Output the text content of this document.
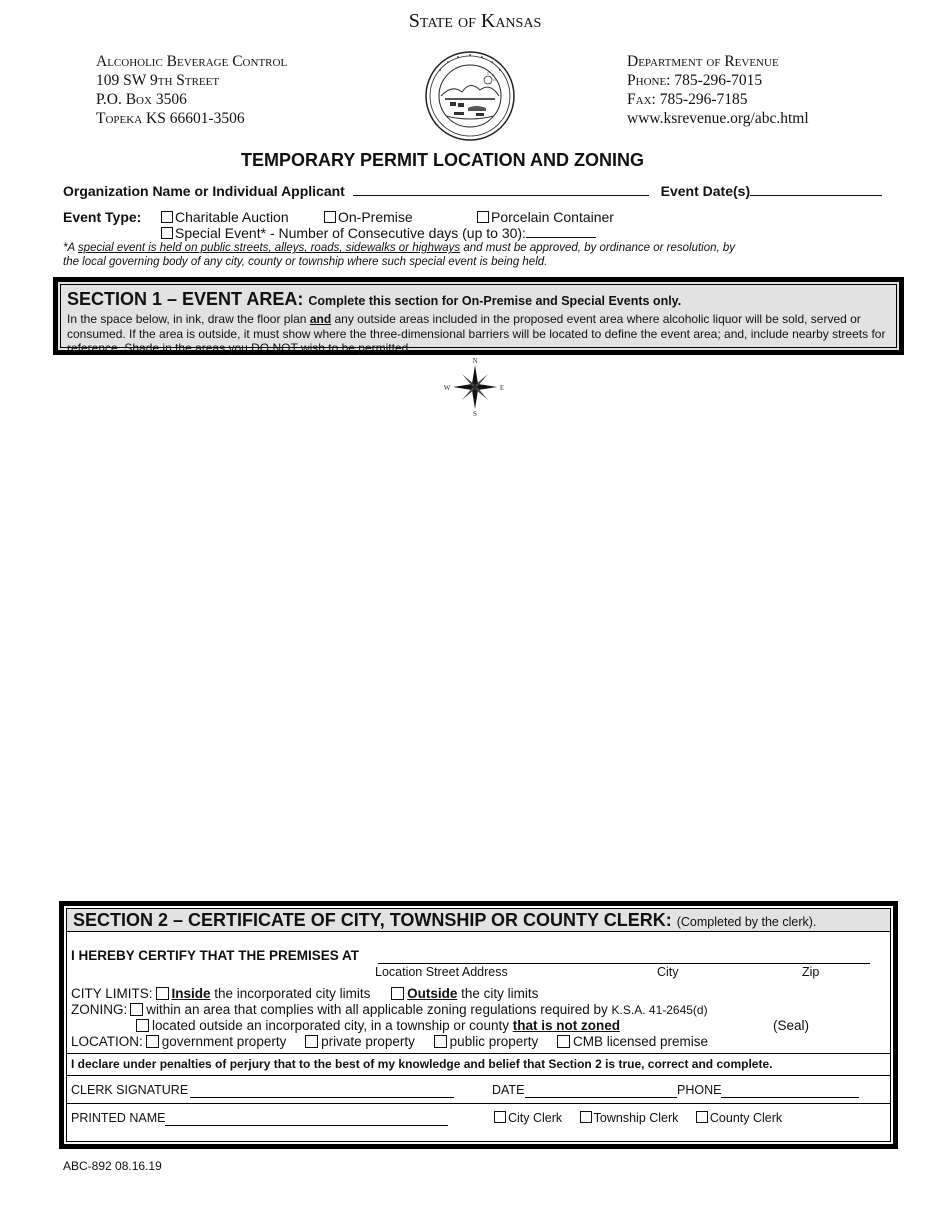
State of Kansas
Alcoholic Beverage Control
109 SW 9th Street
P.O. Box 3506
Topeka KS 66601-3506
Department of Revenue
Phone: 785-296-7015
Fax: 785-296-7185
www.ksrevenue.org/abc.html
TEMPORARY PERMIT LOCATION AND ZONING
Organization Name or Individual Applicant	Event Date(s)
Event Type:	Charitable Auction	On-Premise	Porcelain Container
Special Event* - Number of Consecutive days (up to 30):
*A special event is held on public streets, alleys, roads, sidewalks or highways and must be approved, by ordinance or resolution, by
the local governing body of any city, county or township where such special event is being held.
SECTION 1 – EVENT AREA: Complete this section for On-Premise and Special Events only.
In the space below, in ink, draw the floor plan and any outside areas included in the proposed event area where alcoholic liquor will be sold, served or consumed. If the area is outside, it must show where the three-dimensional barriers will be located to define the event area; and, include nearby streets for reference. Shade in the areas you DO NOT wish to be permitted.
N
S
W	E
SECTION 2 – CERTIFICATE OF CITY, TOWNSHIP OR COUNTY CLERK: (Completed by the clerk).
I HEREBY CERTIFY THAT THE PREMISES AT
Location Street Address	City	Zip
CITY LIMITS: Inside the incorporated city limits	Outside the city limits
ZONING: within an area that complies with all applicable zoning regulations required by K.S.A. 41-2645(d)
located outside an incorporated city, in a township or county that is not zoned	(Seal)
LOCATION: government property	private property	public property	CMB licensed premise
I declare under penalties of perjury that to the best of my knowledge and belief that Section 2 is true, correct and complete.
CLERK SIGNATURE	DATE	PHONE
PRINTED NAME	City Clerk	Township Clerk	County Clerk
ABC-892 08.16.19
